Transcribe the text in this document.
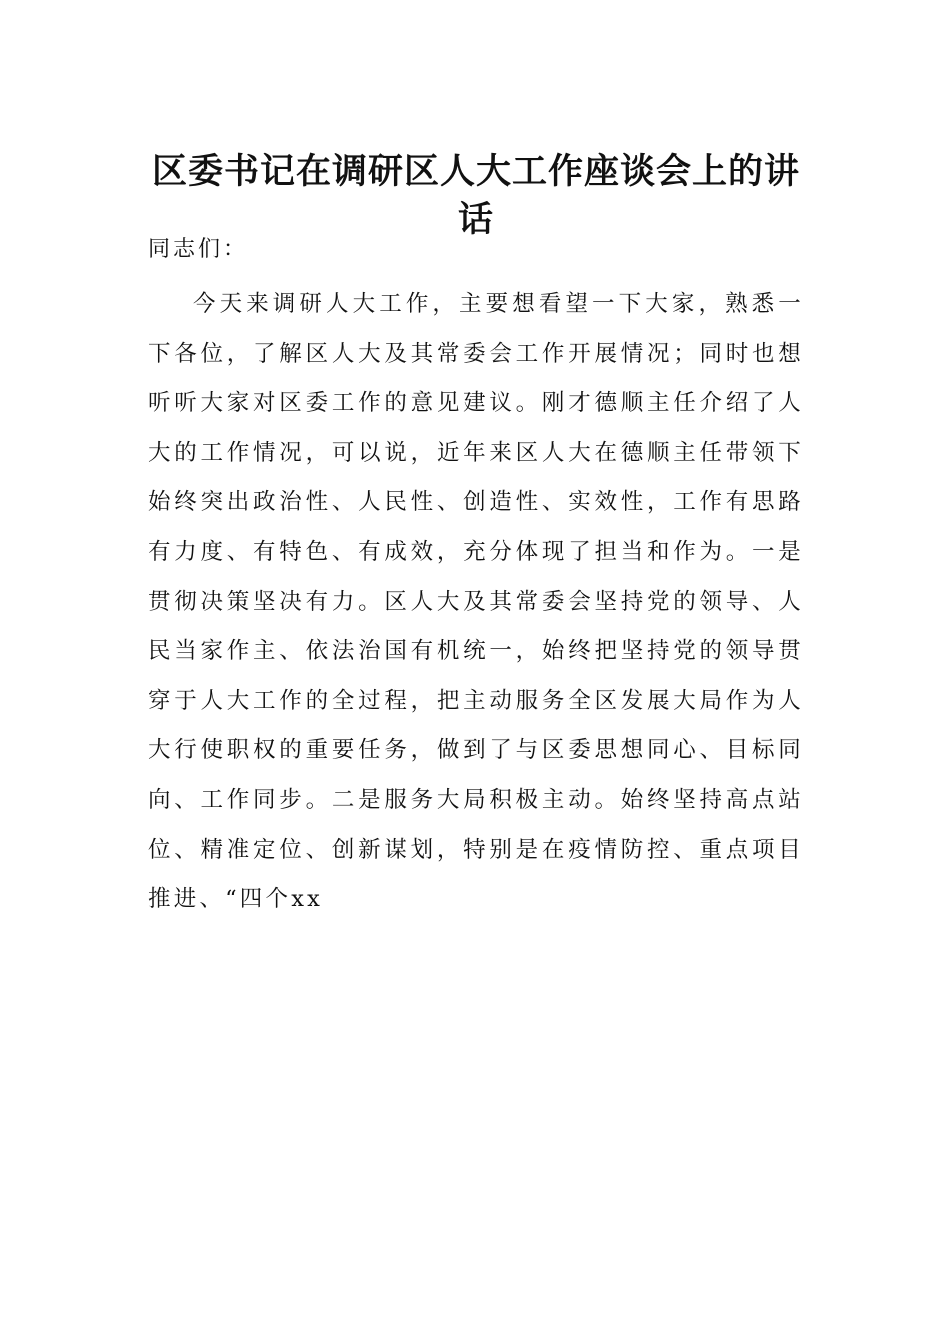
区委书记在调研区人大工作座谈会上的讲话
同志们：

今天来调研人大工作，主要想看望一下大家，熟悉一下各位，了解区人大及其常委会工作开展情况；同时也想听听大家对区委工作的意见建议。刚才德顺主任介绍了人大的工作情况，可以说，近年来区人大在德顺主任带领下始终突出政治性、人民性、创造性、实效性，工作有思路有力度、有特色、有成效，充分体现了担当和作为。一是贯彻决策坚决有力。区人大及其常委会坚持党的领导、人民当家作主、依法治国有机统一，始终把坚持党的领导贯穿于人大工作的全过程，把主动服务全区发展大局作为人大行使职权的重要任务，做到了与区委思想同心、目标同向、工作同步。二是服务大局积极主动。始终坚持高点站位、精准定位、创新谋划，特别是在疫情防控、重点项目推进、“四个xx
